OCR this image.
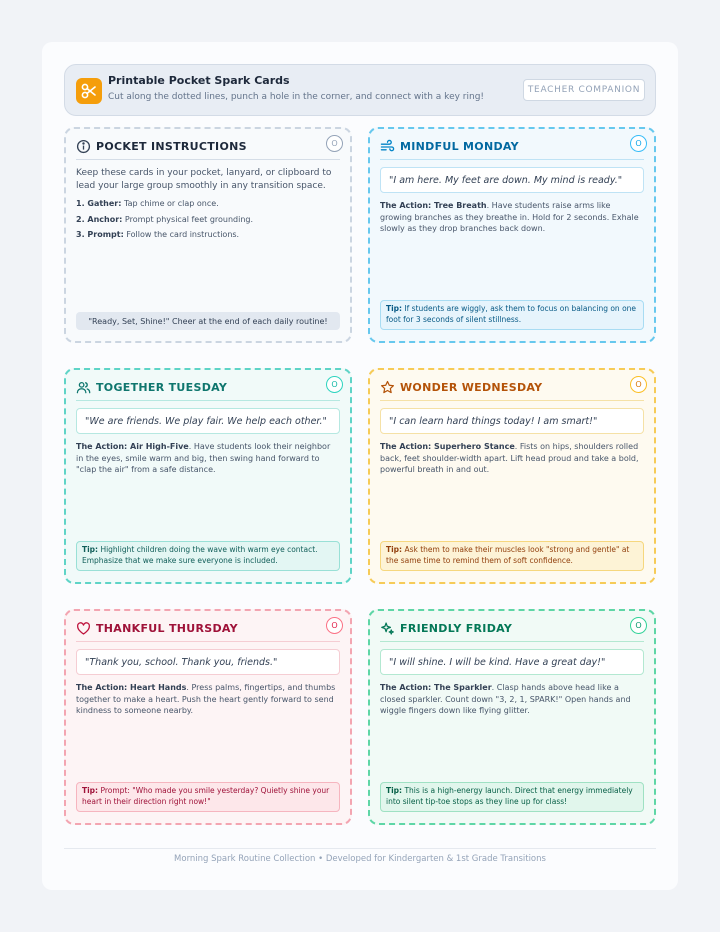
Printable Pocket Spark Cards
Cut along the dotted lines, punch a hole in the corner, and connect with a key ring!
TEACHER COMPANION
POCKET INSTRUCTIONS	O
Keep these cards in your pocket, lanyard, or clipboard to lead your large group smoothly in any transition space.
1. Gather: Tap chime or clap once.
2. Anchor: Prompt physical feet grounding.
3. Prompt: Follow the card instructions.
"Ready, Set, Shine!" Cheer at the end of each daily routine!
MINDFUL MONDAY	O
"I am here. My feet are down. My mind is ready."
The Action: Tree Breath. Have students raise arms like growing branches as they breathe in. Hold for 2 seconds. Exhale slowly as they drop branches back down.
Tip: If students are wiggly, ask them to focus on balancing on one foot for 3 seconds of silent stillness.
TOGETHER TUESDAY	O
"We are friends. We play fair. We help each other."
The Action: Air High-Five. Have students look their neighbor in the eyes, smile warm and big, then swing hand forward to "clap the air" from a safe distance.
Tip: Highlight children doing the wave with warm eye contact. Emphasize that we make sure everyone is included.
WONDER WEDNESDAY	O
"I can learn hard things today! I am smart!"
The Action: Superhero Stance. Fists on hips, shoulders rolled back, feet shoulder-width apart. Lift head proud and take a bold, powerful breath in and out.
Tip: Ask them to make their muscles look "strong and gentle" at the same time to remind them of soft confidence.
THANKFUL THURSDAY	O
"Thank you, school. Thank you, friends."
The Action: Heart Hands. Press palms, fingertips, and thumbs together to make a heart. Push the heart gently forward to send kindness to someone nearby.
Tip: Prompt: "Who made you smile yesterday? Quietly shine your heart in their direction right now!"
FRIENDLY FRIDAY	O
"I will shine. I will be kind. Have a great day!"
The Action: The Sparkler. Clasp hands above head like a closed sparkler. Count down "3, 2, 1, SPARK!" Open hands and wiggle fingers down like flying glitter.
Tip: This is a high-energy launch. Direct that energy immediately into silent tip-toe stops as they line up for class!
Morning Spark Routine Collection • Developed for Kindergarten & 1st Grade Transitions
